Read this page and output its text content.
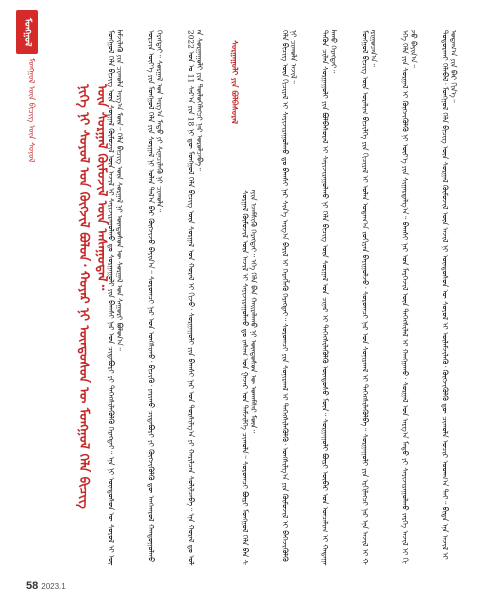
ᠮᠣᠩᠭᠣᠯ
ᠮᠣᠩᠭᠣᠯ ᠦᠨ ᠪᠢᠴᠢᠭ ᠦᠨ ᠰᠣᠶᠣᠯ	ᠨᠢᠭᠡ ᠨᠢ ᠰᠣᠶᠣᠯ ᠤᠨ ᠬᠥᠭᠵᠢᠯ ᠪᠣᠯᠤᠨ᠂ ᠬᠣᠶᠠᠷ ᠨᠢ ᠦᠨᠳᠦᠰᠦᠨ ᠦ ᠮᠣᠩᠭᠣᠯ ᠬᠡᠯᠡ ᠪᠢᠴᠢᠭ ᠦᠨ ᠰᠤᠷᠭᠠᠯ ᠬᠦᠮᠦᠵᠢᠯ ᠦᠨ ᠠᠰᠠᠭᠤᠳᠠᠯ᠃
ᠮᠣᠩᠭᠣᠯ ᠬᠡᠯᠡ ᠪᠢᠴᠢᠭ ᠦᠨ ᠰᠤᠷᠭᠠᠯ ᠬᠦᠮᠦᠵᠢᠯ ᠦᠨ ᠠᠵᠢᠯ ᠢ ᠰᠠᠶᠢᠵᠢᠷᠠᠭᠤᠯᠬᠤ ᠳᠤ ᠰᠤᠷᠭᠠᠭᠤᠯᠢ ᠶᠢᠨ ᠪᠠᠭᠰᠢ ᠨᠠᠷ ᠤᠨ ᠴᠢᠳᠠᠪᠤᠷᠢ ᠶᠢ ᠳᠡᠭᠡᠭᠰᠢᠯᠡᠭᠦᠯᠬᠦ ᠬᠡᠷᠡᠭᠳᠡᠢ᠃ ᠡᠨᠡ ᠨᠢ ᠦᠨᠳᠦᠰᠦᠨ ᠦ ᠰᠣᠶᠣᠯ ᠢ ᠦᠯᠡᠮᠵᠢᠯᠡᠬᠦ ᠶᠢᠨ ᠴᠢᠬᠤᠯᠠ ᠠᠷᠭ᠎ᠠ ᠮᠥᠨ᠃ ᠬᠡᠯᠡ ᠪᠢᠴᠢᠭ ᠦᠨ ᠰᠤᠷᠭᠠᠯ ᠨᠢ ᠦᠨᠳᠦᠰᠦᠨ ᠦ ᠰᠤᠷᠭᠠᠯ ᠤᠨ ᠰᠠᠭᠤᠷᠢ ᠪᠣᠯᠤᠨ᠎ᠠ᠃	ᠣᠷᠴᠢᠨ ᠦᠶ᠎ᠡ ᠶᠢᠨ ᠮᠣᠩᠭᠣᠯ ᠬᠡᠯᠡ ᠶᠢᠨ ᠰᠤᠷᠭᠠᠯ ᠨᠢ ᠣᠯᠠᠨ ᠲᠠᠯ᠎ᠠ ᠪᠠᠷ ᠬᠥᠭᠵᠢᠵᠦ ᠪᠠᠶᠢᠨ᠎ᠠ᠃ ᠰᠤᠷᠤᠭᠴᠢ ᠨᠠᠷ ᠤᠨ ᠤᠩᠰᠢᠬᠤ᠂ ᠪᠢᠴᠢᠬᠦ᠂ ᠶᠠᠷᠢᠬᠤ ᠴᠢᠳᠠᠪᠤᠷᠢ ᠶᠢ ᠬᠥᠭᠵᠢᠭᠦᠯᠬᠦ ᠳᠦ ᠠᠩᠬᠠᠷᠤᠯ ᠬᠠᠨᠳᠤᠭᠤᠯᠬᠤ ᠬᠡᠷᠡᠭᠳᠡᠢ᠃ ᠰᠤᠷᠭᠠᠯ ᠤᠨ ᠠᠷᠭ᠎ᠠ ᠮᠡᠲᠦ ᠶᠢ ᠰᠢᠨᠡᠴᠢᠯᠡᠬᠦ ᠨᠢ ᠴᠢᠬᠤᠯᠠ᠃	2022 ᠣᠨ ᠤ 11 ᠰᠠᠷ᠎ᠠ ᠶᠢᠨ 18 ᠨᠢ ᠳᠦ ᠮᠣᠩᠭᠣᠯ ᠬᠡᠯᠡ ᠪᠢᠴᠢᠭ ᠦᠨ ᠰᠤᠷᠭᠠᠯ ᠤᠨ ᠬᠤᠷᠠᠯ ᠢ ᠬᠢᠵᠦ᠂ ᠰᠤᠷᠭᠠᠭᠤᠯᠢ ᠶᠢᠨ ᠪᠠᠭᠰᠢ ᠨᠠᠷ ᠤᠨ ᠲᠤᠷᠰᠢᠯᠭ᠎ᠠ ᠶᠢ ᠬᠠᠷᠢᠯᠴᠠᠨ ᠰᠤᠯᠢᠯᠴᠠᠪᠠ᠃ ᠡᠨᠡ ᠬᠤᠷᠠᠯ ᠳᠤ ᠣᠯᠠᠨ ᠰᠤᠷᠭᠠᠭᠤᠯᠢ ᠶᠢᠨ ᠲᠥᠯᠥᠭᠡᠯᠡᠭᠴᠢ ᠨᠠᠷ ᠣᠷᠣᠯᠴᠠᠪᠠ᠃	ᠰᠤᠷᠭᠠᠭᠤᠯᠢ ᠶᠢᠨ ᠪᠣᠯᠪᠠᠰᠤᠷᠠᠯ
ᠰᠤᠷᠭᠠᠯ ᠬᠦᠮᠦᠵᠢᠯ ᠦᠨ ᠠᠵᠢᠯ ᠢ ᠰᠠᠶᠢᠵᠢᠷᠠᠭᠤᠯᠬᠤ ᠳᠤ ᠵᠠᠰᠠᠭ ᠤᠨ ᠭᠠᠵᠠᠷ ᠤᠨ ᠳᠡᠮᠵᠢᠯᠭᠡ ᠴᠢᠬᠤᠯᠠ᠃ ᠰᠤᠷᠤᠭᠴᠢ ᠪᠦᠷᠢ ᠮᠣᠩᠭᠣᠯ ᠬᠡᠯᠡ ᠪᠡᠨ ᠰᠠᠶᠢᠨ ᠡᠵᠡᠮᠰᠢᠬᠦ ᠬᠡᠷᠡᠭᠲᠡᠢ᠃ ᠡᠬᠡ ᠬᠡᠯᠡ ᠪᠡᠨ ᠬᠠᠢᠷᠠᠯᠠᠬᠤ ᠨᠢ ᠦᠨᠳᠦᠰᠦᠨ ᠦ ᠤᠬᠠᠮᠰᠠᠷ ᠮᠥᠨ᠃	ᠬᠡᠯᠡ ᠪᠢᠴᠢᠭ ᠦᠨ ᠬᠢᠴᠢᠶᠡᠯ ᠢ ᠰᠠᠶᠢᠵᠢᠷᠠᠭᠤᠯᠬᠤ ᠳᠤ ᠪᠠᠭᠰᠢ ᠨᠠᠷ ᠰᠢᠨ᠎ᠡ ᠠᠷᠭ᠎ᠠ ᠪᠠᠷᠢᠯ ᠢ ᠬᠡᠷᠡᠭᠯᠡᠬᠦ ᠬᠡᠷᠡᠭᠲᠡᠢ᠃ ᠰᠤᠷᠤᠭᠴᠢ ᠶᠢᠨ ᠰᠣᠨᠢᠷᠬᠠᠯ ᠢ ᠳᠡᠭᠡᠭᠰᠢᠯᠡᠭᠦᠯᠬᠦ᠂ ᠤᠩᠰᠢᠯᠭ᠎ᠠ ᠶᠢᠨ ᠬᠦᠮᠦᠵᠢᠯ ᠢ ᠪᠡᠬᠡᠵᠢᠭᠦᠯᠬᠦ ᠨᠢ ᠴᠢᠬᠤᠯᠠ ᠠᠵᠢᠯ᠃	ᠲᠡᠭᠦᠨ ᠴᠢᠯᠡᠨ ᠰᠤᠷᠭᠠᠭᠤᠯᠢ ᠶᠢᠨ ᠪᠣᠯᠪᠠᠰᠤᠷᠠᠯ ᠢ ᠰᠠᠶᠢᠵᠢᠷᠠᠭᠤᠯᠬᠤ ᠨᠢ ᠬᠡᠯᠡ ᠪᠢᠴᠢᠭ ᠦᠨ ᠰᠤᠷᠭᠠᠯ ᠤᠨ ᠴᠢᠨᠠᠷ ᠢ ᠳᠡᠭᠡᠭᠰᠢᠯᠡᠭᠦᠯᠬᠦ ᠦᠨᠳᠦᠰᠦ ᠮᠥᠨ᠃ ᠰᠤᠷᠭᠠᠭᠤᠯᠢ ᠪᠦᠷᠢ ᠥᠪᠡᠷ ᠤᠨ ᠣᠨᠴᠠᠯᠢᠭ ᠢ ᠬᠠᠳᠠᠭᠠᠯᠠᠬᠤ ᠬᠡᠷᠡᠭᠲᠡᠢ᠃	ᠮᠣᠩᠭᠣᠯ ᠪᠢᠴᠢᠭ ᠦᠨ ᠤᠷᠠᠯᠢᠭ ᠪᠢᠴᠢᠯᠭᠡ ᠶᠢᠨ ᠬᠢᠴᠢᠶᠡᠯ ᠢ ᠣᠯᠠᠨ ᠤᠳᠠᠭ᠎ᠠ ᠵᠣᠬᠢᠶᠠᠨ ᠪᠠᠶᠢᠭᠤᠯᠵᠤ᠂ ᠰᠤᠷᠤᠭᠴᠢ ᠨᠠᠷ ᠤᠨ ᠰᠣᠨᠢᠷᠬᠠᠯ ᠢ ᠳᠡᠭᠡᠭᠰᠢᠯᠡᠭᠦᠯᠪᠡ᠃ ᠰᠤᠷᠭᠠᠭᠤᠯᠢ ᠶᠢᠨ ᠡᠷᠬᠢᠯᠡᠭᠴᠢ ᠨᠠᠷ ᠡᠨᠡ ᠠᠵᠢᠯ ᠢ ᠬᠠᠷᠢᠭᠤᠴᠠᠨ᠎ᠠ᠃	ᠡᠬᠡ ᠬᠡᠯᠡ ᠶᠢᠨ ᠰᠤᠷᠭᠠᠯ ᠢ ᠬᠥᠭᠵᠢᠭᠦᠯᠬᠦ ᠨᠢ ᠦᠶ᠎ᠡ ᠶᠢᠨ ᠰᠢᠭᠠᠷᠳᠠᠯᠭ᠎ᠠ᠃ ᠪᠠᠭᠰᠢ ᠨᠠᠷ ᠤᠨ ᠮᠡᠷᠭᠡᠵᠢᠯ ᠦᠨ ᠳᠡᠭᠡᠭᠰᠢᠯᠡᠯ ᠢ ᠬᠠᠩᠭᠠᠬᠤ᠂ ᠰᠤᠷᠭᠠᠯ ᠤᠨ ᠠᠷᠭ᠎ᠠ ᠮᠡᠲᠦ ᠶᠢ ᠰᠠᠶᠢᠵᠢᠷᠠᠭᠤᠯᠬᠤ ᠵᠡᠷᠭᠡ ᠠᠵᠢᠯ ᠢ ᠬᠢᠵᠦ ᠪᠠᠶᠢᠨ᠎ᠠ᠃	ᠲᠣᠳᠣᠷᠬᠠᠶ ᠬᠡᠯᠡᠪᠡᠯ᠂ ᠮᠣᠩᠭᠣᠯ ᠬᠡᠯᠡ ᠪᠢᠴᠢᠭ ᠦᠨ ᠰᠤᠷᠭᠠᠯ ᠬᠦᠮᠦᠵᠢᠯ ᠦᠨ ᠠᠵᠢᠯ ᠨᠢ ᠦᠨᠳᠦᠰᠦᠨ ᠦ ᠰᠣᠶᠣᠯ ᠢ ᠦᠯᠡᠮᠵᠢᠯᠡᠬᠦ᠂ ᠬᠥᠭᠵᠢᠭᠦᠯᠬᠦ ᠳᠦ ᠴᠢᠬᠤᠯᠠ ᠤᠴᠢᠷ ᠤᠳᠬ᠎ᠠ ᠲᠠᠢ᠃ ᠪᠢᠳᠡ ᠡᠨᠡ ᠠᠵᠢᠯ ᠢ ᠤᠳᠠᠭ᠎ᠠ ᠶᠢᠨ ᠪᠠᠷ ᠬᠢᠨ᠎ᠡ᠃
58 2023.1
